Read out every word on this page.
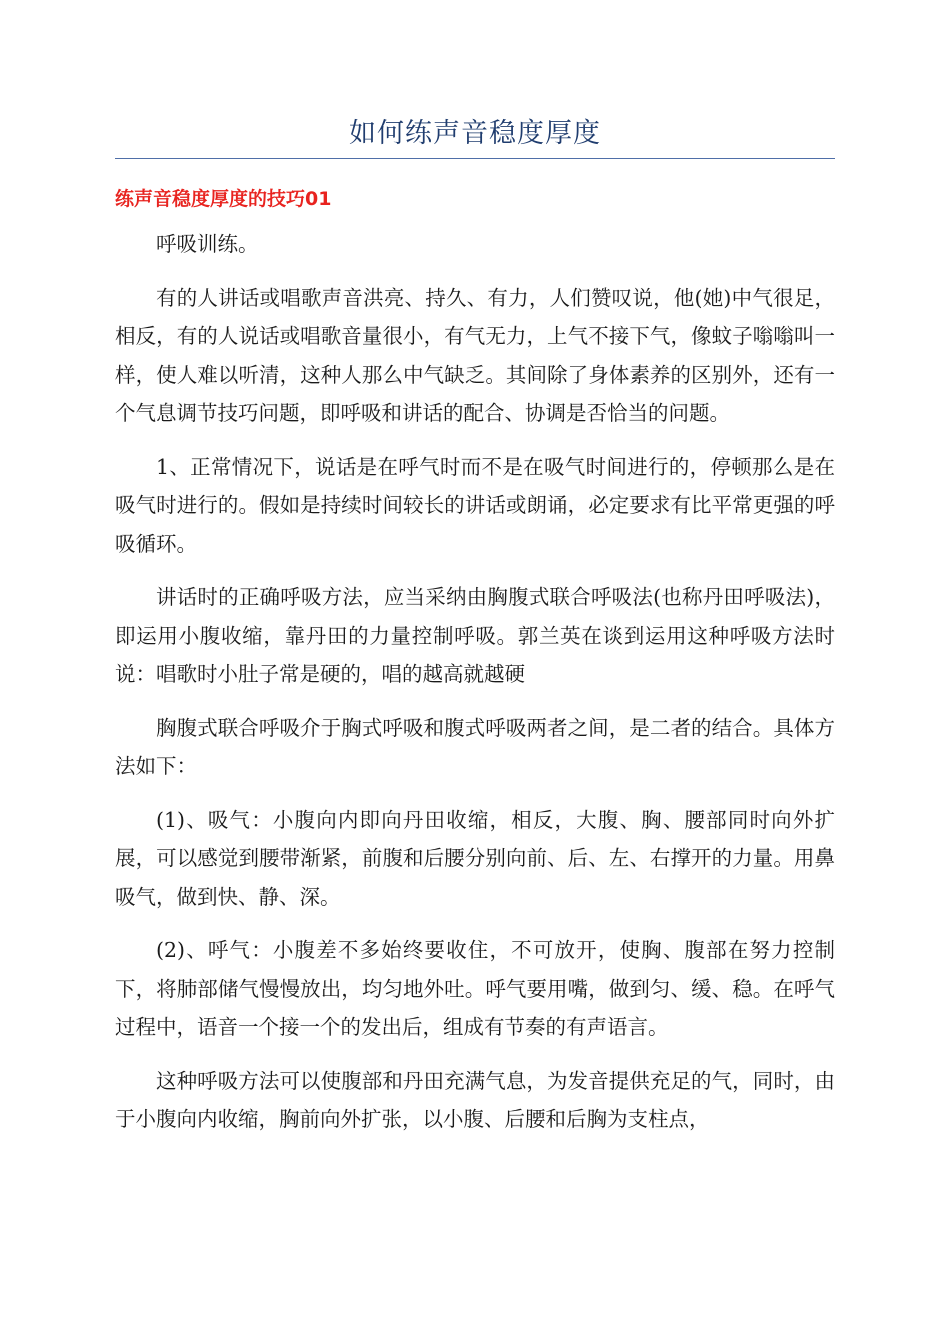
如何练声音稳度厚度
练声音稳度厚度的技巧01

呼吸训练。

有的人讲话或唱歌声音洪亮、持久、有力，人们赞叹说，他(她)中气很足，相反，有的人说话或唱歌音量很小，有气无力，上气不接下气，像蚊子嗡嗡叫一样，使人难以听清，这种人那么中气缺乏。其间除了身体素养的区别外，还有一个气息调节技巧问题，即呼吸和讲话的配合、协调是否恰当的问题。

1、正常情况下，说话是在呼气时而不是在吸气时间进行的，停顿那么是在吸气时进行的。假如是持续时间较长的讲话或朗诵，必定要求有比平常更强的呼吸循环。

讲话时的正确呼吸方法，应当采纳由胸腹式联合呼吸法(也称丹田呼吸法)，即运用小腹收缩，靠丹田的力量控制呼吸。郭兰英在谈到运用这种呼吸方法时说：唱歌时小肚子常是硬的，唱的越高就越硬

胸腹式联合呼吸介于胸式呼吸和腹式呼吸两者之间，是二者的结合。具体方法如下：

(1)、吸气：小腹向内即向丹田收缩，相反，大腹、胸、腰部同时向外扩展，可以感觉到腰带渐紧，前腹和后腰分别向前、后、左、右撑开的力量。用鼻吸气，做到快、静、深。

(2)、呼气：小腹差不多始终要收住，不可放开，使胸、腹部在努力控制下，将肺部储气慢慢放出，均匀地外吐。呼气要用嘴，做到匀、缓、稳。在呼气过程中，语音一个接一个的发出后，组成有节奏的有声语言。

这种呼吸方法可以使腹部和丹田充满气息，为发音提供充足的气，同时，由于小腹向内收缩，胸前向外扩张，以小腹、后腰和后胸为支柱点，
